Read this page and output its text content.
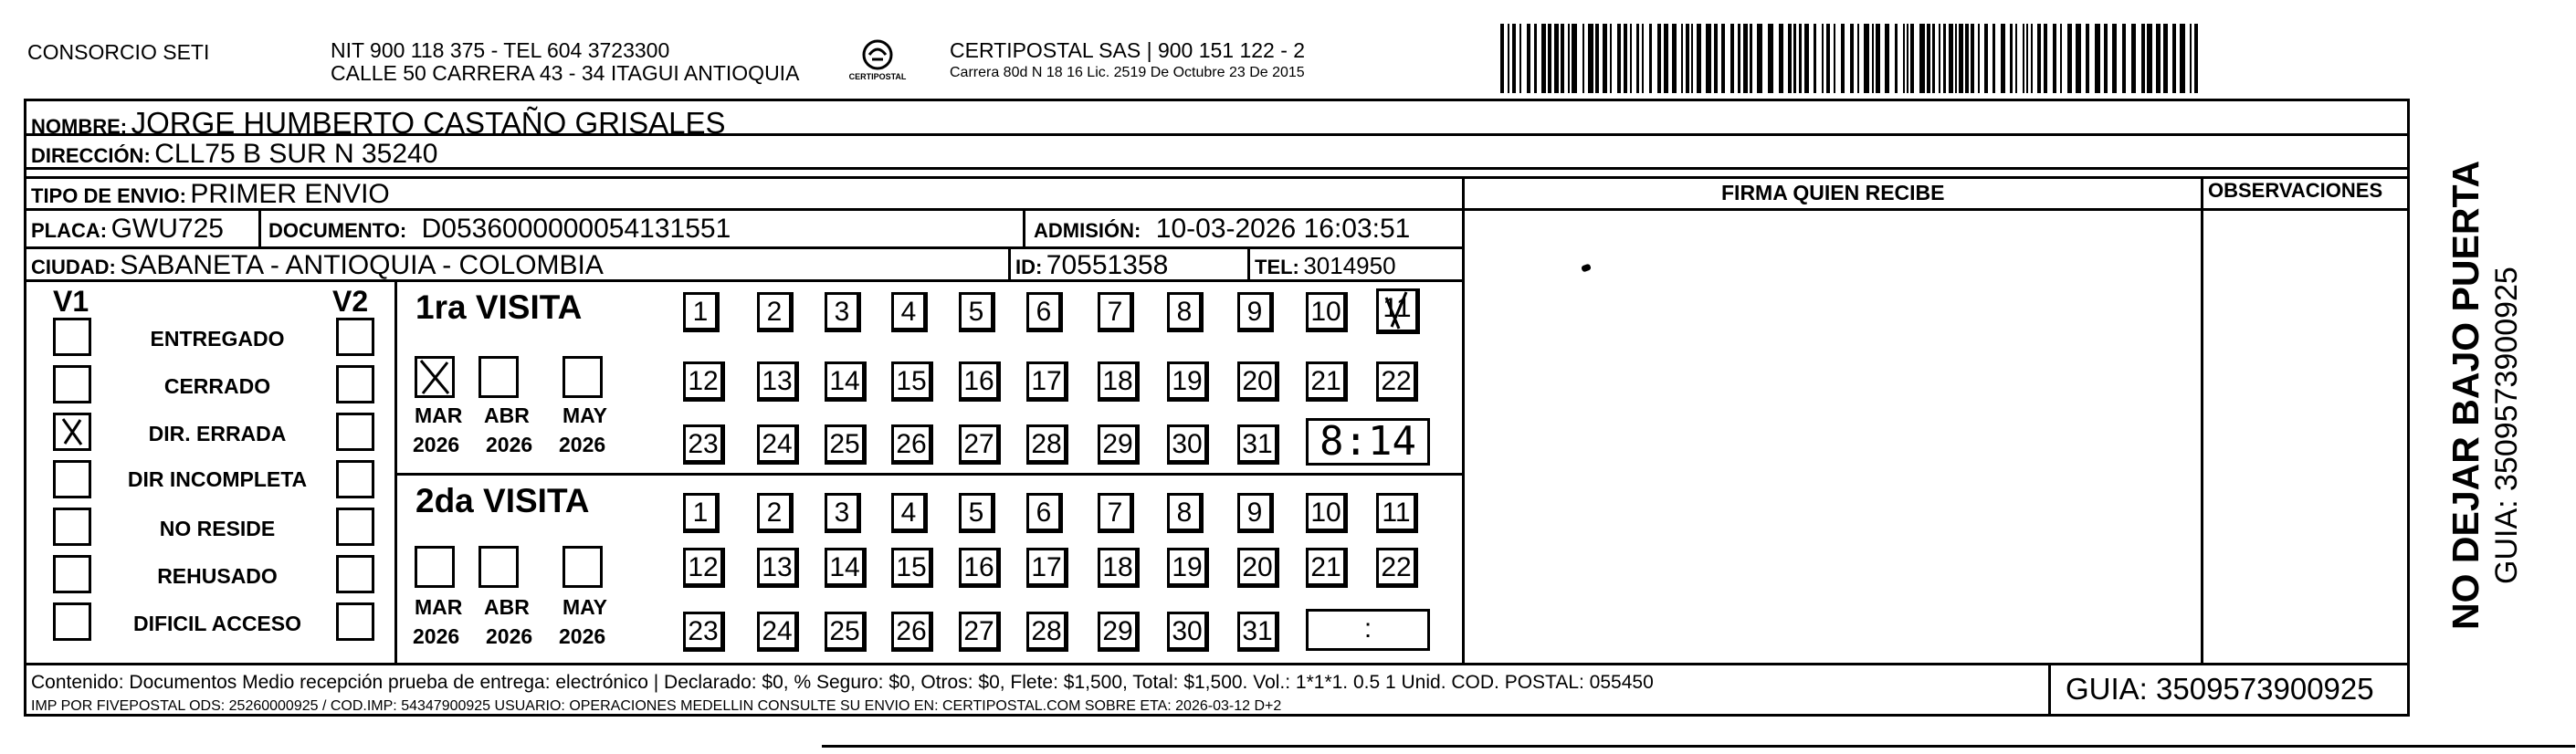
CONSORCIO SETI	NIT 900 118 375 - TEL 604 3723300
CALLE 50 CARRERA 43 - 34 ITAGUI ANTIOQUIA	CERTIPOSTAL
CERTIPOSTAL SAS | 900 151 122 - 2
Carrera 80d N 18 16 Lic. 2519 De Octubre 23 De 2015
NOMBRE: JORGE HUMBERTO CASTAÑO GRISALES
DIRECCIÓN: CLL75 B SUR N 35240
TIPO DE ENVIO: PRIMER ENVIO	FIRMA QUIEN RECIBE	OBSERVACIONES
PLACA: GWU725 DOCUMENTO: D0536000000054131551	ADMISIÓN: 10-03-2026 16:03:51
CIUDAD: SABANETA - ANTIOQUIA - COLOMBIA	ID: 70551358	TEL: 3014950
V1	V2
ENTREGADO
CERRADO
DIR. ERRADA
DIR INCOMPLETA
NO RESIDE
REHUSADO
DIFICIL ACCESO
1ra VISITA
MAR ABR MAY
2026 2026 2026
1	2	3	4	5	6	7	8	9	10 11
12 13 14 15 16 17 18 19 20 21 22
23 24 25 26 27 28 29 30 31	8:14
2da VISITA
MAR ABR MAY
2026 2026 2026
1	2	3	4	5	6	7	8	9	10 11
12 13 14 15 16 17 18 19 20 21 22
23 24 25 26 27 28 29 30 31	:
Contenido: Documentos Medio recepción prueba de entrega: electrónico | Declarado: $0, % Seguro: $0, Otros: $0, Flete: $1,500, Total: $1,500. Vol.: 1*1*1. 0.5 1 Unid. COD. POSTAL: 055450
IMP POR FIVEPOSTAL ODS: 25260000925 / COD.IMP: 54347900925 USUARIO: OPERACIONES MEDELLIN CONSULTE SU ENVIO EN: CERTIPOSTAL.COM SOBRE ETA: 2026-03-12 D+2
GUIA: 3509573900925
NO DEJAR BAJO PUERTA GUIA: 3509573900925
